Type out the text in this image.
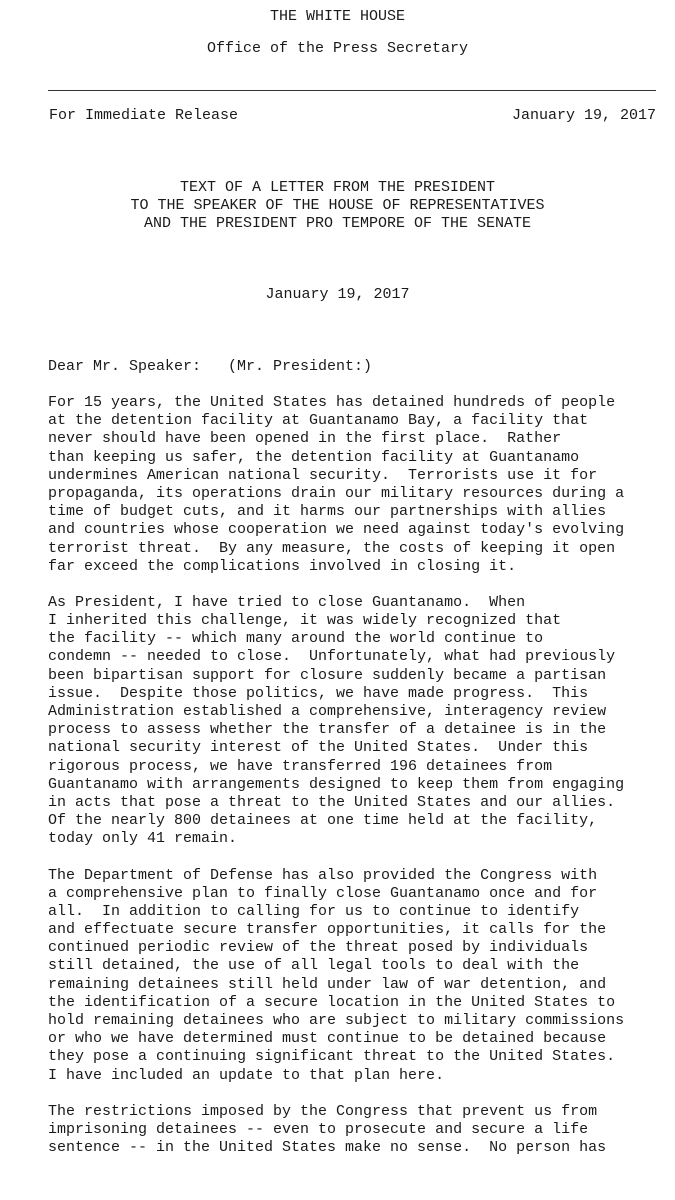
THE WHITE HOUSE
Office of the Press Secretary
For Immediate Release	January 19, 2017
TEXT OF A LETTER FROM THE PRESIDENT
TO THE SPEAKER OF THE HOUSE OF REPRESENTATIVES
AND THE PRESIDENT PRO TEMPORE OF THE SENATE
January 19, 2017
Dear Mr. Speaker:   (Mr. President:)
For 15 years, the United States has detained hundreds of people
at the detention facility at Guantanamo Bay, a facility that
never should have been opened in the first place.  Rather
than keeping us safer, the detention facility at Guantanamo
undermines American national security.  Terrorists use it for
propaganda, its operations drain our military resources during a
time of budget cuts, and it harms our partnerships with allies
and countries whose cooperation we need against today's evolving
terrorist threat.  By any measure, the costs of keeping it open
far exceed the complications involved in closing it.
As President, I have tried to close Guantanamo.  When
I inherited this challenge, it was widely recognized that
the facility -- which many around the world continue to
condemn -- needed to close.  Unfortunately, what had previously
been bipartisan support for closure suddenly became a partisan
issue.  Despite those politics, we have made progress.  This
Administration established a comprehensive, interagency review
process to assess whether the transfer of a detainee is in the
national security interest of the United States.  Under this
rigorous process, we have transferred 196 detainees from
Guantanamo with arrangements designed to keep them from engaging
in acts that pose a threat to the United States and our allies.
Of the nearly 800 detainees at one time held at the facility,
today only 41 remain.
The Department of Defense has also provided the Congress with
a comprehensive plan to finally close Guantanamo once and for
all.  In addition to calling for us to continue to identify
and effectuate secure transfer opportunities, it calls for the
continued periodic review of the threat posed by individuals
still detained, the use of all legal tools to deal with the
remaining detainees still held under law of war detention, and
the identification of a secure location in the United States to
hold remaining detainees who are subject to military commissions
or who we have determined must continue to be detained because
they pose a continuing significant threat to the United States.
I have included an update to that plan here.
The restrictions imposed by the Congress that prevent us from
imprisoning detainees -- even to prosecute and secure a life
sentence -- in the United States make no sense.  No person has
